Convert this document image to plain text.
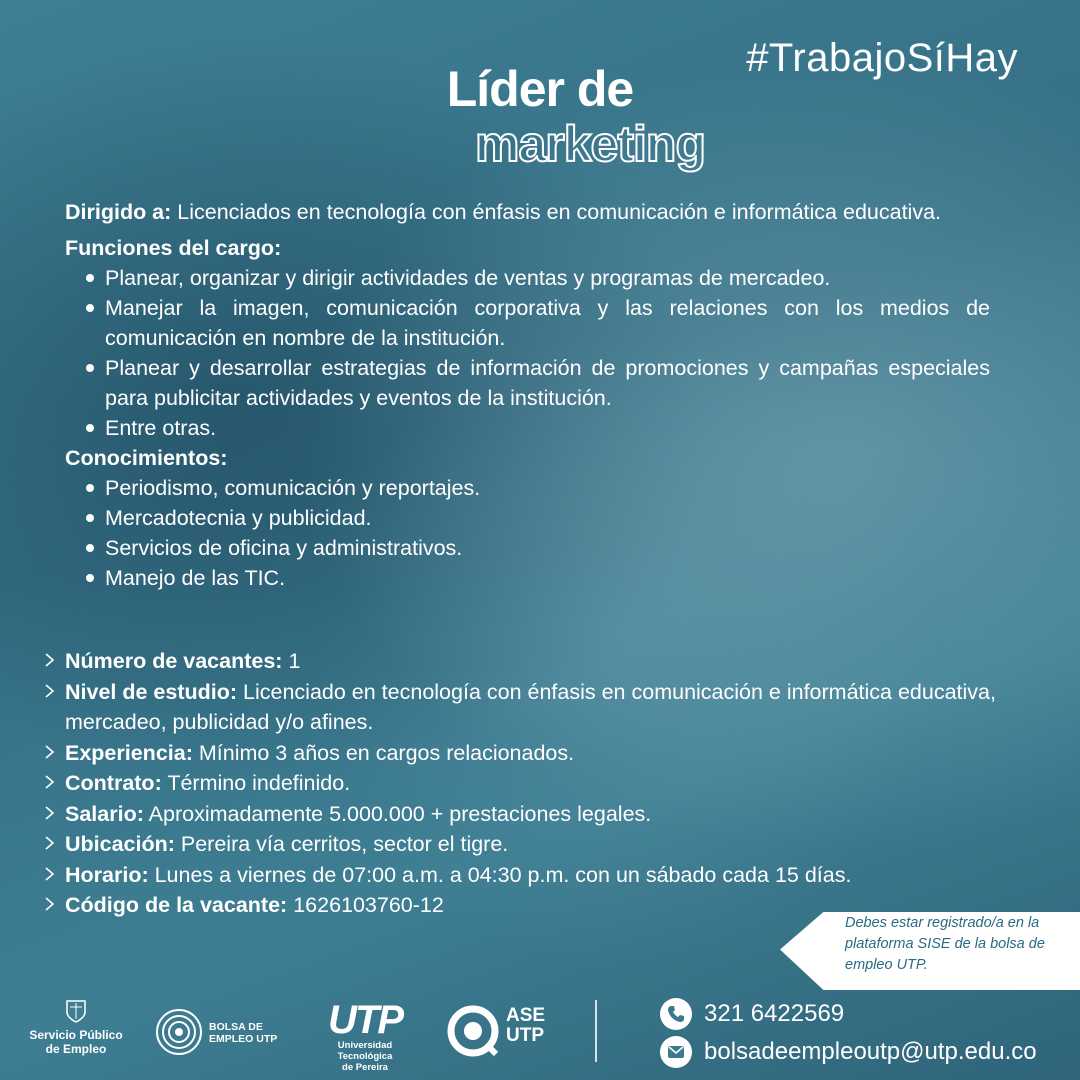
#TrabajoSíHay
Líder de
marketing

Dirigido a: Licenciados en tecnología con énfasis en comunicación e informática educativa.

Funciones del cargo:
Planear, organizar y dirigir actividades de ventas y programas de mercadeo.
Manejar la imagen, comunicación corporativa y las relaciones con los medios de comunicación en nombre de la institución.
Planear y desarrollar estrategias de información de promociones y campañas especiales para publicitar actividades y eventos de la institución.
Entre otras.
Conocimientos:
Periodismo, comunicación y reportajes.
Mercadotecnia y publicidad.
Servicios de oficina y administrativos.
Manejo de las TIC.
Número de vacantes: 1
Nivel de estudio: Licenciado en tecnología con énfasis en comunicación e informática educativa, mercadeo, publicidad y/o afines.
Experiencia: Mínimo 3 años en cargos relacionados.
Contrato: Término indefinido.
Salario: Aproximadamente 5.000.000 + prestaciones legales.
Ubicación: Pereira vía cerritos, sector el tigre.
Horario: Lunes a viernes de 07:00 a.m. a 04:30 p.m. con un sábado cada 15 días.
Código de la vacante: 1626103760-12
Debes estar registrado/a en la plataforma SISE de la bolsa de empleo UTP.
Servicio Público
de Empleo
BOLSA DE
EMPLEO UTP	UTP
Universidad Tecnológica
de Pereira
ASE
UTP
321 6422569
bolsadeempleoutp@utp.edu.co
